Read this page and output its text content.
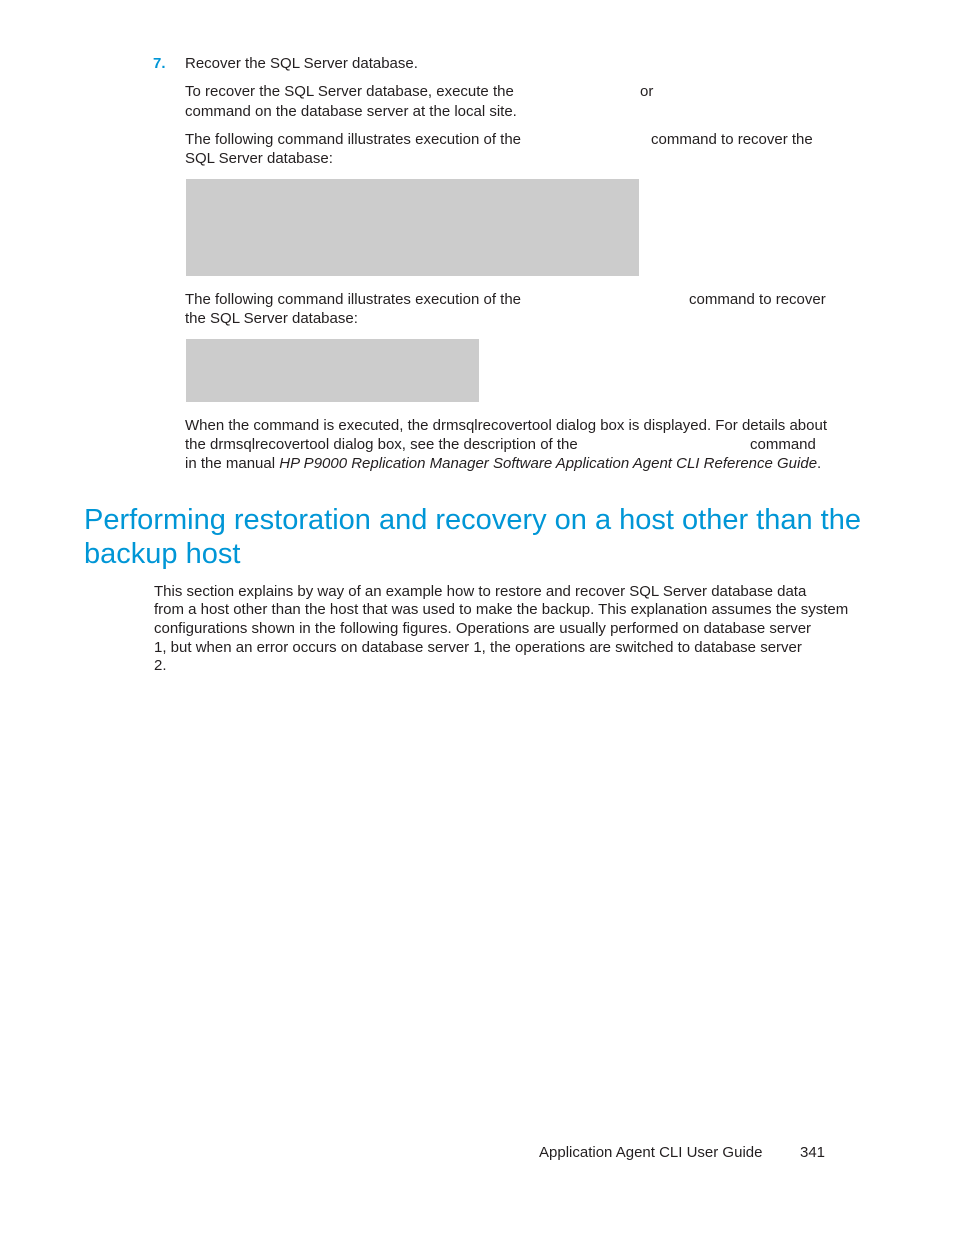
7. Recover the SQL Server database.
To recover the SQL Server database, execute the	or
command on the database server at the local site.
The following command illustrates execution of the	command to recover the
SQL Server database:
The following command illustrates execution of the	command to recover
the SQL Server database:
When the command is executed, the drmsqlrecovertool dialog box is displayed. For details about
the drmsqlrecovertool dialog box, see the description of the	command
in the manual HP P9000 Replication Manager Software Application Agent CLI Reference Guide.
Performing restoration and recovery on a host other than the
backup host
This section explains by way of an example how to restore and recover SQL Server database data
from a host other than the host that was used to make the backup. This explanation assumes the system
configurations shown in the following figures. Operations are usually performed on database server
1, but when an error occurs on database server 1, the operations are switched to database server
2.
Application Agent CLI User Guide	341
